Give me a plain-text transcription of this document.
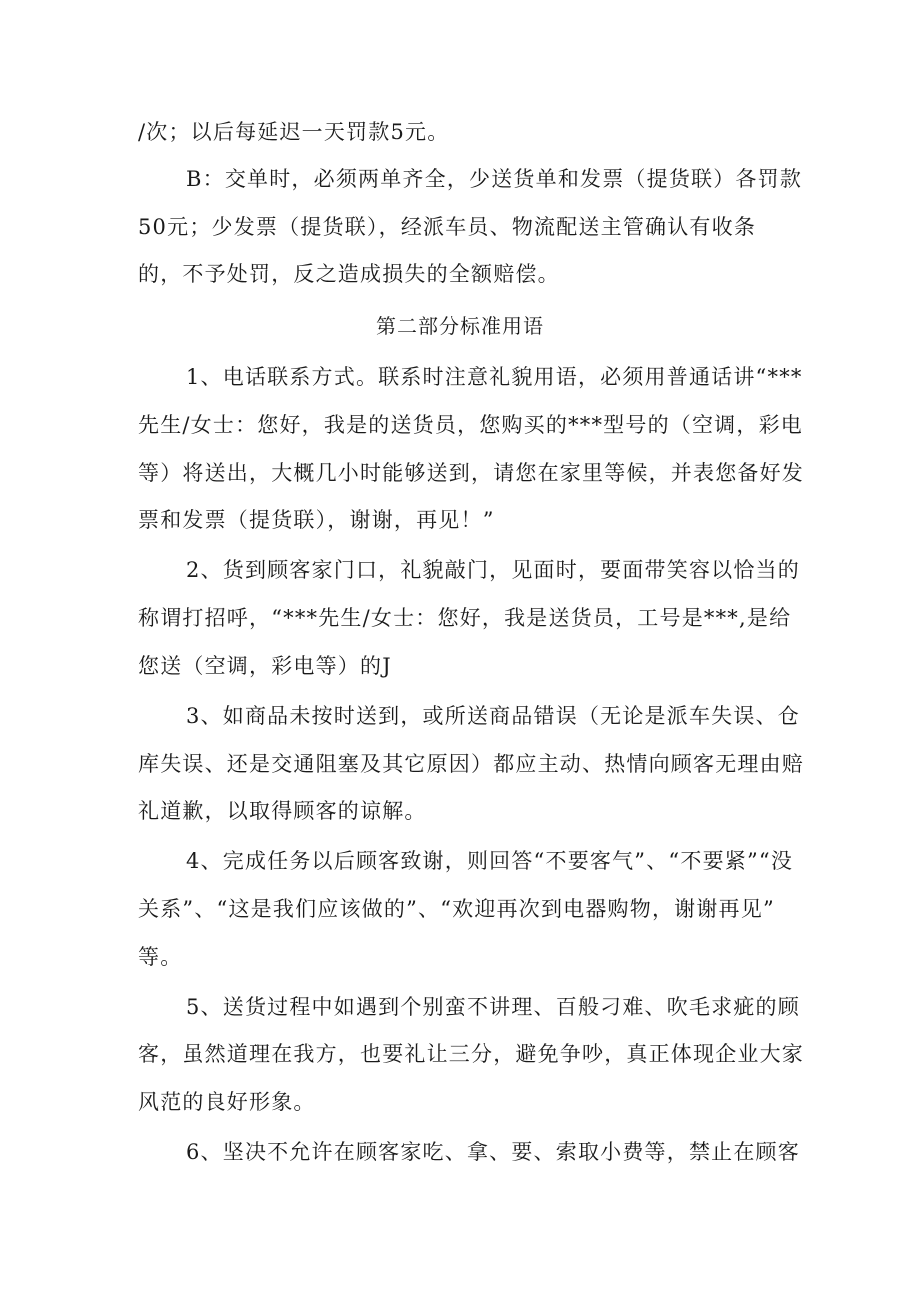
/次；以后每延迟一天罚款5元。
B：交单时，必须两单齐全，少送货单和发票（提货联）各罚款
50元；少发票（提货联），经派车员、物流配送主管确认有收条
的，不予处罚，反之造成损失的全额赔偿。
第二部分标准用语
1、电话联系方式。联系时注意礼貌用语，必须用普通话讲“***
先生/女士：您好，我是的送货员，您购买的***型号的（空调，彩电
等）将送出，大概几小时能够送到，请您在家里等候，并表您备好发
票和发票（提货联），谢谢，再见！”
2、货到顾客家门口，礼貌敲门，见面时，要面带笑容以恰当的
称谓打招呼，“***先生/女士：您好，我是送货员，工号是***,是给
您送（空调，彩电等）的J
3、如商品未按时送到，或所送商品错误（无论是派车失误、仓
库失误、还是交通阻塞及其它原因）都应主动、热情向顾客无理由赔
礼道歉，以取得顾客的谅解。
4、完成任务以后顾客致谢，则回答“不要客气”、“不要紧”“没
关系”、“这是我们应该做的”、“欢迎再次到电器购物，谢谢再见”
等。
5、送货过程中如遇到个别蛮不讲理、百般刁难、吹毛求疵的顾
客，虽然道理在我方，也要礼让三分，避免争吵，真正体现企业大家
风范的良好形象。
6、坚决不允许在顾客家吃、拿、要、索取小费等，禁止在顾客
